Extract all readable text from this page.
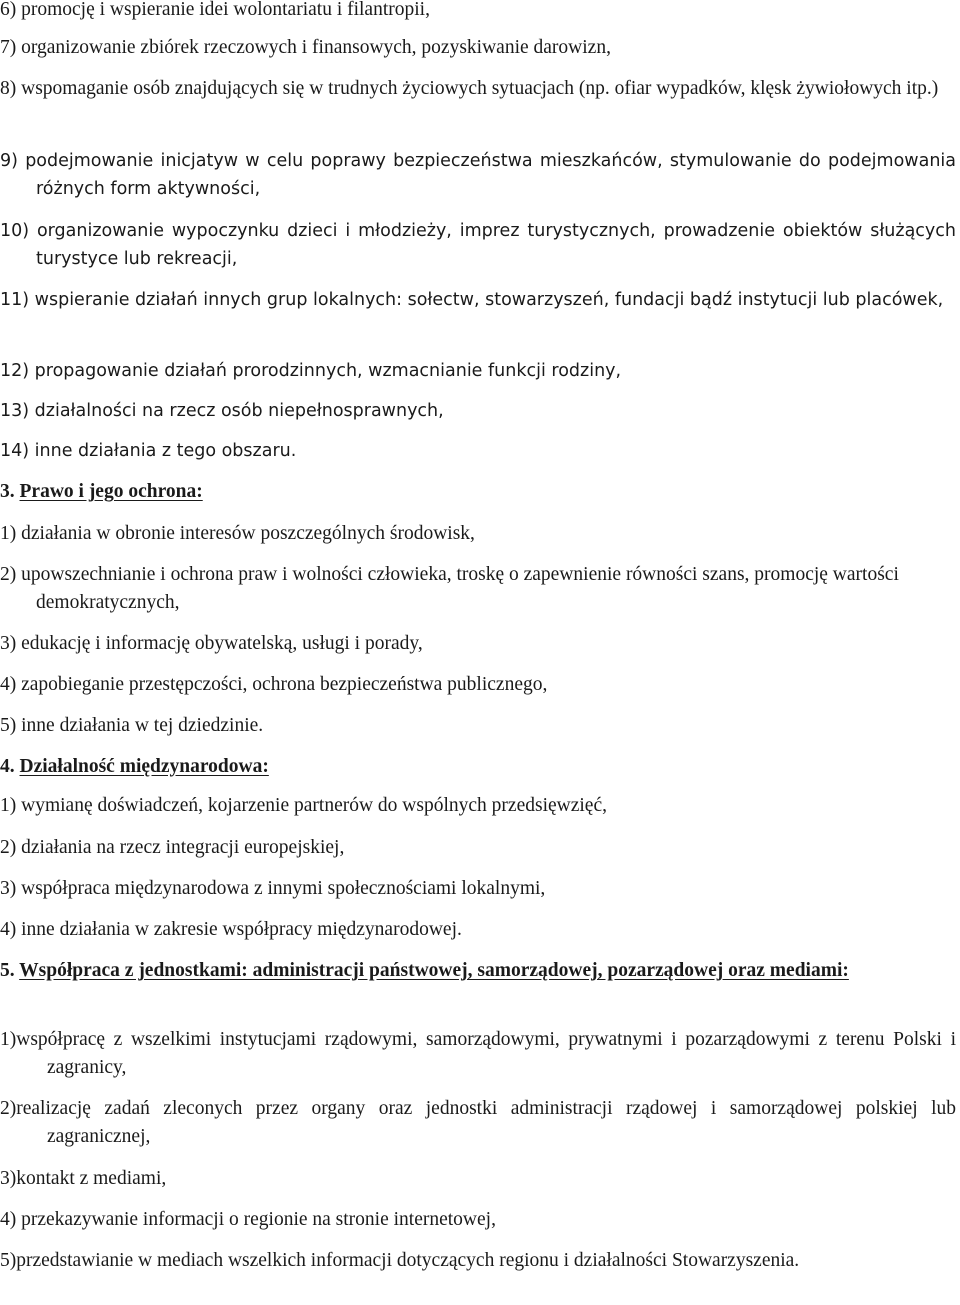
6) promocję i wspieranie idei wolontariatu i filantropii,

7) organizowanie zbiórek rzeczowych i finansowych, pozyskiwanie darowizn,

8) wspomaganie osób znajdujących się w trudnych życiowych sytuacjach (np. ofiar wypadków, klęsk żywiołowych itp.)

9) podejmowanie inicjatyw w celu poprawy bezpieczeństwa mieszkańców, stymulowanie do podejmowania różnych form aktywności,

10) organizowanie wypoczynku dzieci i młodzieży, imprez turystycznych, prowadzenie obiektów służących turystyce lub rekreacji,

11) wspieranie działań innych grup lokalnych: sołectw, stowarzyszeń, fundacji bądź instytucji lub placówek,

12) propagowanie działań prorodzinnych, wzmacnianie funkcji rodziny,

13) działalności na rzecz osób niepełnosprawnych,

14) inne działania z tego obszaru.

3. Prawo i jego ochrona:

1) działania w obronie interesów poszczególnych środowisk,

2) upowszechnianie i ochrona praw i wolności człowieka, troskę o zapewnienie równości szans, promocję wartości demokratycznych,

3) edukację i informację obywatelską, usługi i porady,

4) zapobieganie przestępczości, ochrona bezpieczeństwa publicznego,

5) inne działania w tej dziedzinie.

4. Działalność międzynarodowa:

1) wymianę doświadczeń, kojarzenie partnerów do wspólnych przedsięwzięć,

2) działania na rzecz integracji europejskiej,

3) współpraca międzynarodowa z innymi społecznościami lokalnymi,

4) inne działania w zakresie współpracy międzynarodowej.

5. Współpraca z jednostkami: administracji państwowej, samorządowej, pozarządowej oraz mediami:

1)współpracę z wszelkimi instytucjami rządowymi, samorządowymi, prywatnymi i pozarządowymi z terenu Polski i zagranicy,

2)realizację zadań zleconych przez organy oraz jednostki administracji rządowej i samorządowej polskiej lub zagranicznej,

3)kontakt z mediami,

4) przekazywanie informacji o regionie na stronie internetowej,

5)przedstawianie w mediach wszelkich informacji dotyczących regionu i działalności Stowarzyszenia.
